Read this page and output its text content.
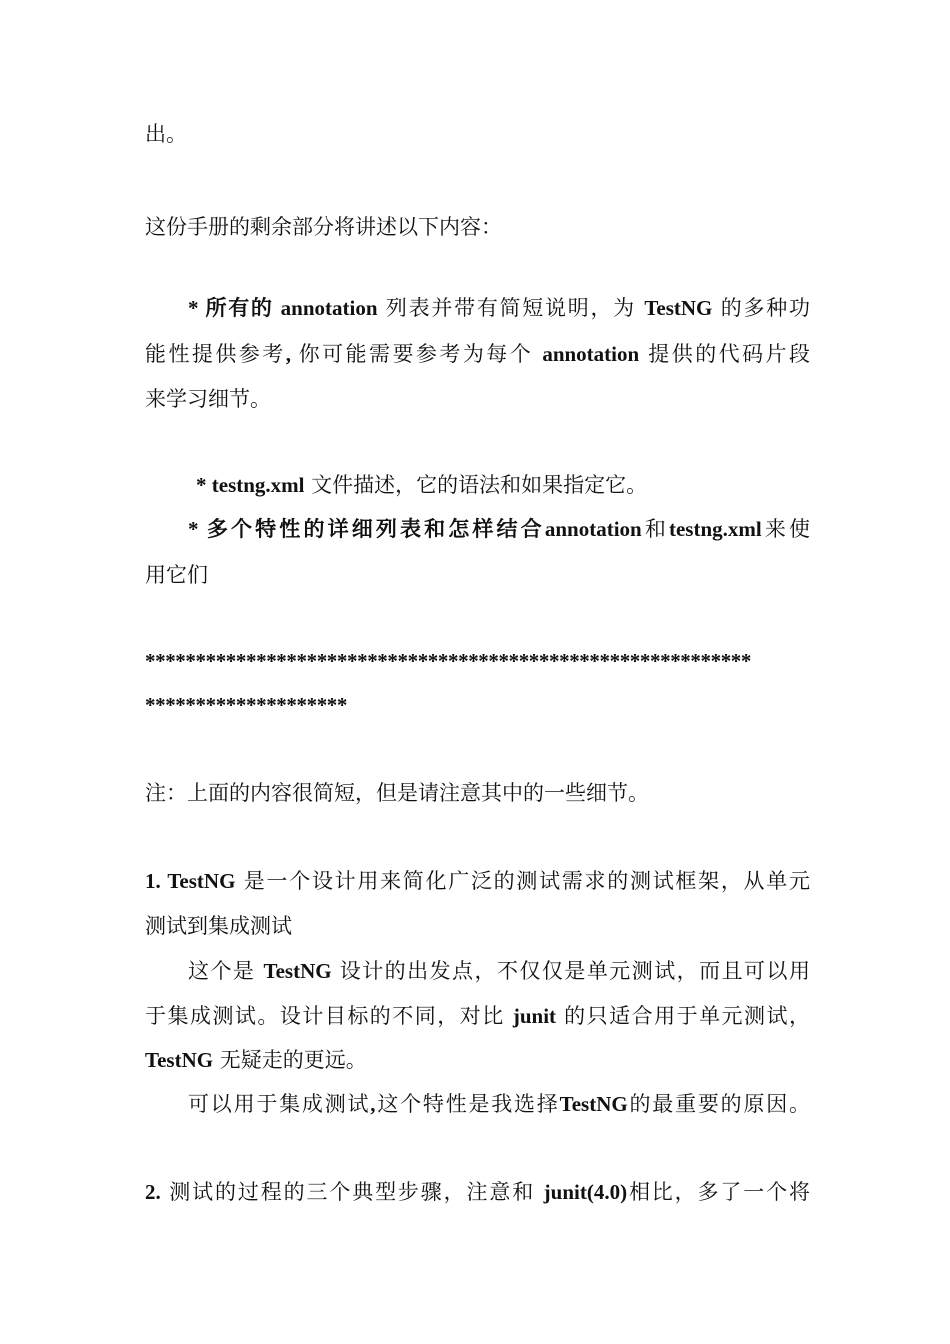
出。
这份手册的剩余部分将讲述以下内容：
* 所有的 annotation 列表并带有简短说明，为 TestNG 的多种功
能性提供参考, 你可能需要参考为每个 annotation 提供的代码片段
来学习细节。
* testng.xml 文件描述，它的语法和如果指定它。
* 多个特性的详细列表和怎样结合annotation和testng.xml来使
用它们
************************************************************
********************
注：上面的内容很简短，但是请注意其中的一些细节。
1. TestNG 是一个设计用来简化广泛的测试需求的测试框架，从单元
测试到集成测试
这个是 TestNG 设计的出发点，不仅仅是单元测试，而且可以用
于集成测试。设计目标的不同，对比 junit 的只适合用于单元测试，
TestNG 无疑走的更远。
可以用于集成测试,这个特性是我选择TestNG的最重要的原因。
2. 测试的过程的三个典型步骤，注意和 junit(4.0)相比，多了一个将
